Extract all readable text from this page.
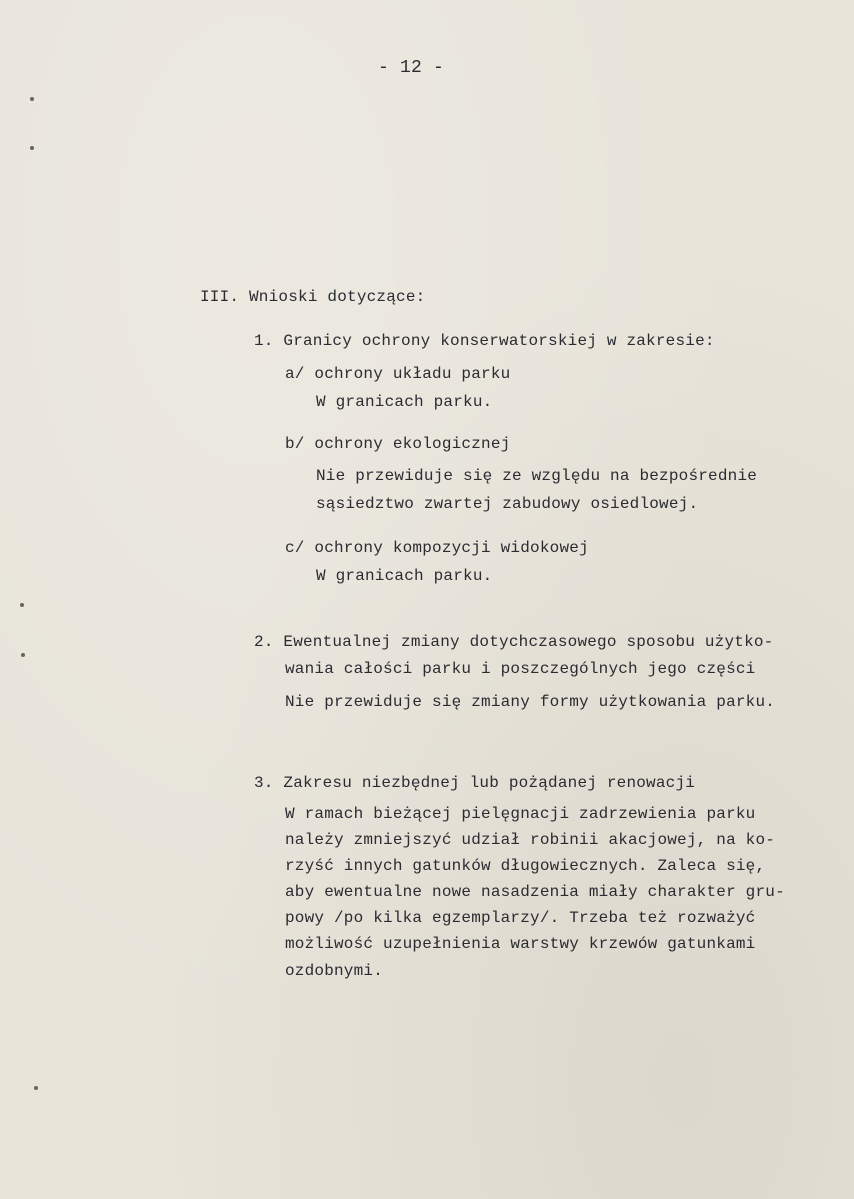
- 12 -
III. Wnioski dotyczące:
1. Granicy ochrony konserwatorskiej w zakresie:
a/ ochrony układu parku
W granicach parku.
b/ ochrony ekologicznej
Nie przewiduje się ze względu na bezpośrednie
sąsiedztwo zwartej zabudowy osiedlowej.
c/ ochrony kompozycji widokowej
W granicach parku.
2. Ewentualnej zmiany dotychczasowego sposobu użytko-
wania całości parku i poszczególnych jego części
Nie przewiduje się zmiany formy użytkowania parku.
3. Zakresu niezbędnej lub pożądanej renowacji
W ramach bieżącej pielęgnacji zadrzewienia parku
należy zmniejszyć udział robinii akacjowej, na ko-
rzyść innych gatunków długowiecznych. Zaleca się,
aby ewentualne nowe nasadzenia miały charakter gru-
powy /po kilka egzemplarzy/. Trzeba też rozważyć
możliwość uzupełnienia warstwy krzewów gatunkami
ozdobnymi.
